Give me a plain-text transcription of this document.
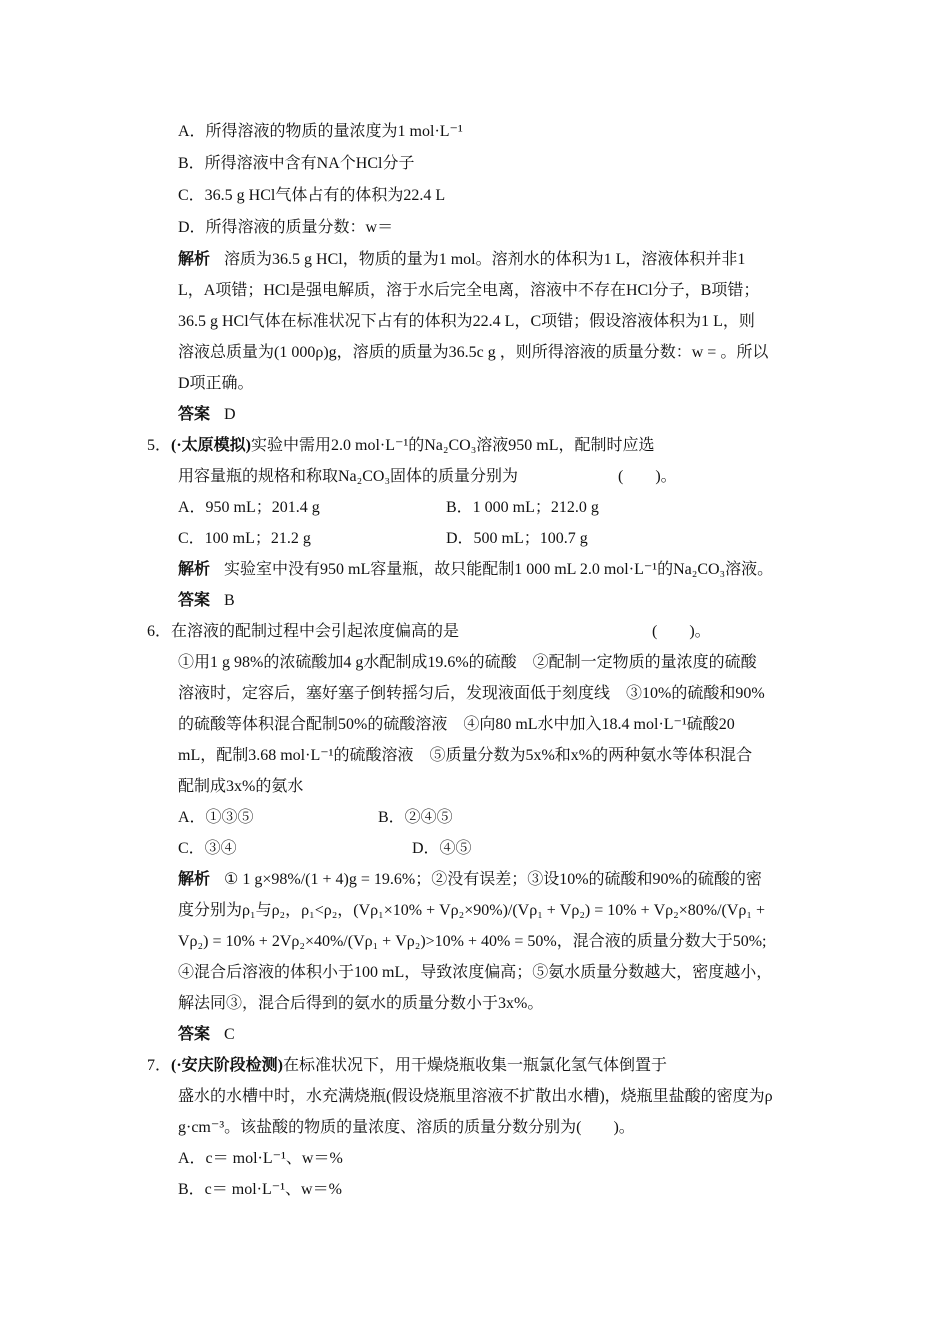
A．所得溶液的物质的量浓度为1 mol·L⁻¹
B．所得溶液中含有NA个HCl分子
C．36.5 g HCl气体占有的体积为22.4 L
D．所得溶液的质量分数：w＝
解析 溶质为36.5 g HCl，物质的量为1 mol。溶剂水的体积为1 L，溶液体积并非1
L，A项错；HCl是强电解质，溶于水后完全电离，溶液中不存在HCl分子，B项错；
36.5 g HCl气体在标准状况下占有的体积为22.4 L，C项错；假设溶液体积为1 L，则
溶液总质量为(1 000ρ)g，溶质的质量为36.5c g ，则所得溶液的质量分数：w = 。所以
D项正确。
答案 D
5．(·太原模拟)实验中需用2.0 mol·L⁻¹的Na₂CO₃溶液950 mL，配制时应选
用容量瓶的规格和称取Na₂CO₃固体的质量分别为	(　　)。
A．950 mL；201.4 g	B．1 000 mL；212.0 g
C．100 mL；21.2 g	D．500 mL；100.7 g
解析 实验室中没有950 mL容量瓶，故只能配制1 000 mL 2.0 mol·L⁻¹的Na₂CO₃溶液。
答案 B
6．在溶液的配制过程中会引起浓度偏高的是	(　　)。
①用1 g 98%的浓硫酸加4 g水配制成19.6%的硫酸　②配制一定物质的量浓度的硫酸
溶液时，定容后，塞好塞子倒转摇匀后，发现液面低于刻度线　③10%的硫酸和90%
的硫酸等体积混合配制50%的硫酸溶液　④向80 mL水中加入18.4 mol·L⁻¹硫酸20
mL，配制3.68 mol·L⁻¹的硫酸溶液　⑤质量分数为5x%和x%的两种氨水等体积混合
配制成3x%的氨水
A．①③⑤	B．②④⑤
C．③④	D．④⑤
解析 ① 1 g×98%/(1 + 4)g = 19.6%；②没有误差；③设10%的硫酸和90%的硫酸的密
度分别为ρ₁与ρ₂，ρ₁<ρ₂，(Vρ₁×10% + Vρ₂×90%)/(Vρ₁ + Vρ₂) = 10% + Vρ₂×80%/(Vρ₁ +
Vρ₂) = 10% + 2Vρ₂×40%/(Vρ₁ + Vρ₂)>10% + 40% = 50%，混合液的质量分数大于50%;
④混合后溶液的体积小于100 mL，导致浓度偏高；⑤氨水质量分数越大，密度越小，
解法同③，混合后得到的氨水的质量分数小于3x%。
答案 C
7．(·安庆阶段检测)在标准状况下，用干燥烧瓶收集一瓶氯化氢气体倒置于
盛水的水槽中时，水充满烧瓶(假设烧瓶里溶液不扩散出水槽)，烧瓶里盐酸的密度为ρ
g·cm⁻³。该盐酸的物质的量浓度、溶质的质量分数分别为(　　)。
A．c＝ mol·L⁻¹、w＝%
B．c＝ mol·L⁻¹、w＝%
